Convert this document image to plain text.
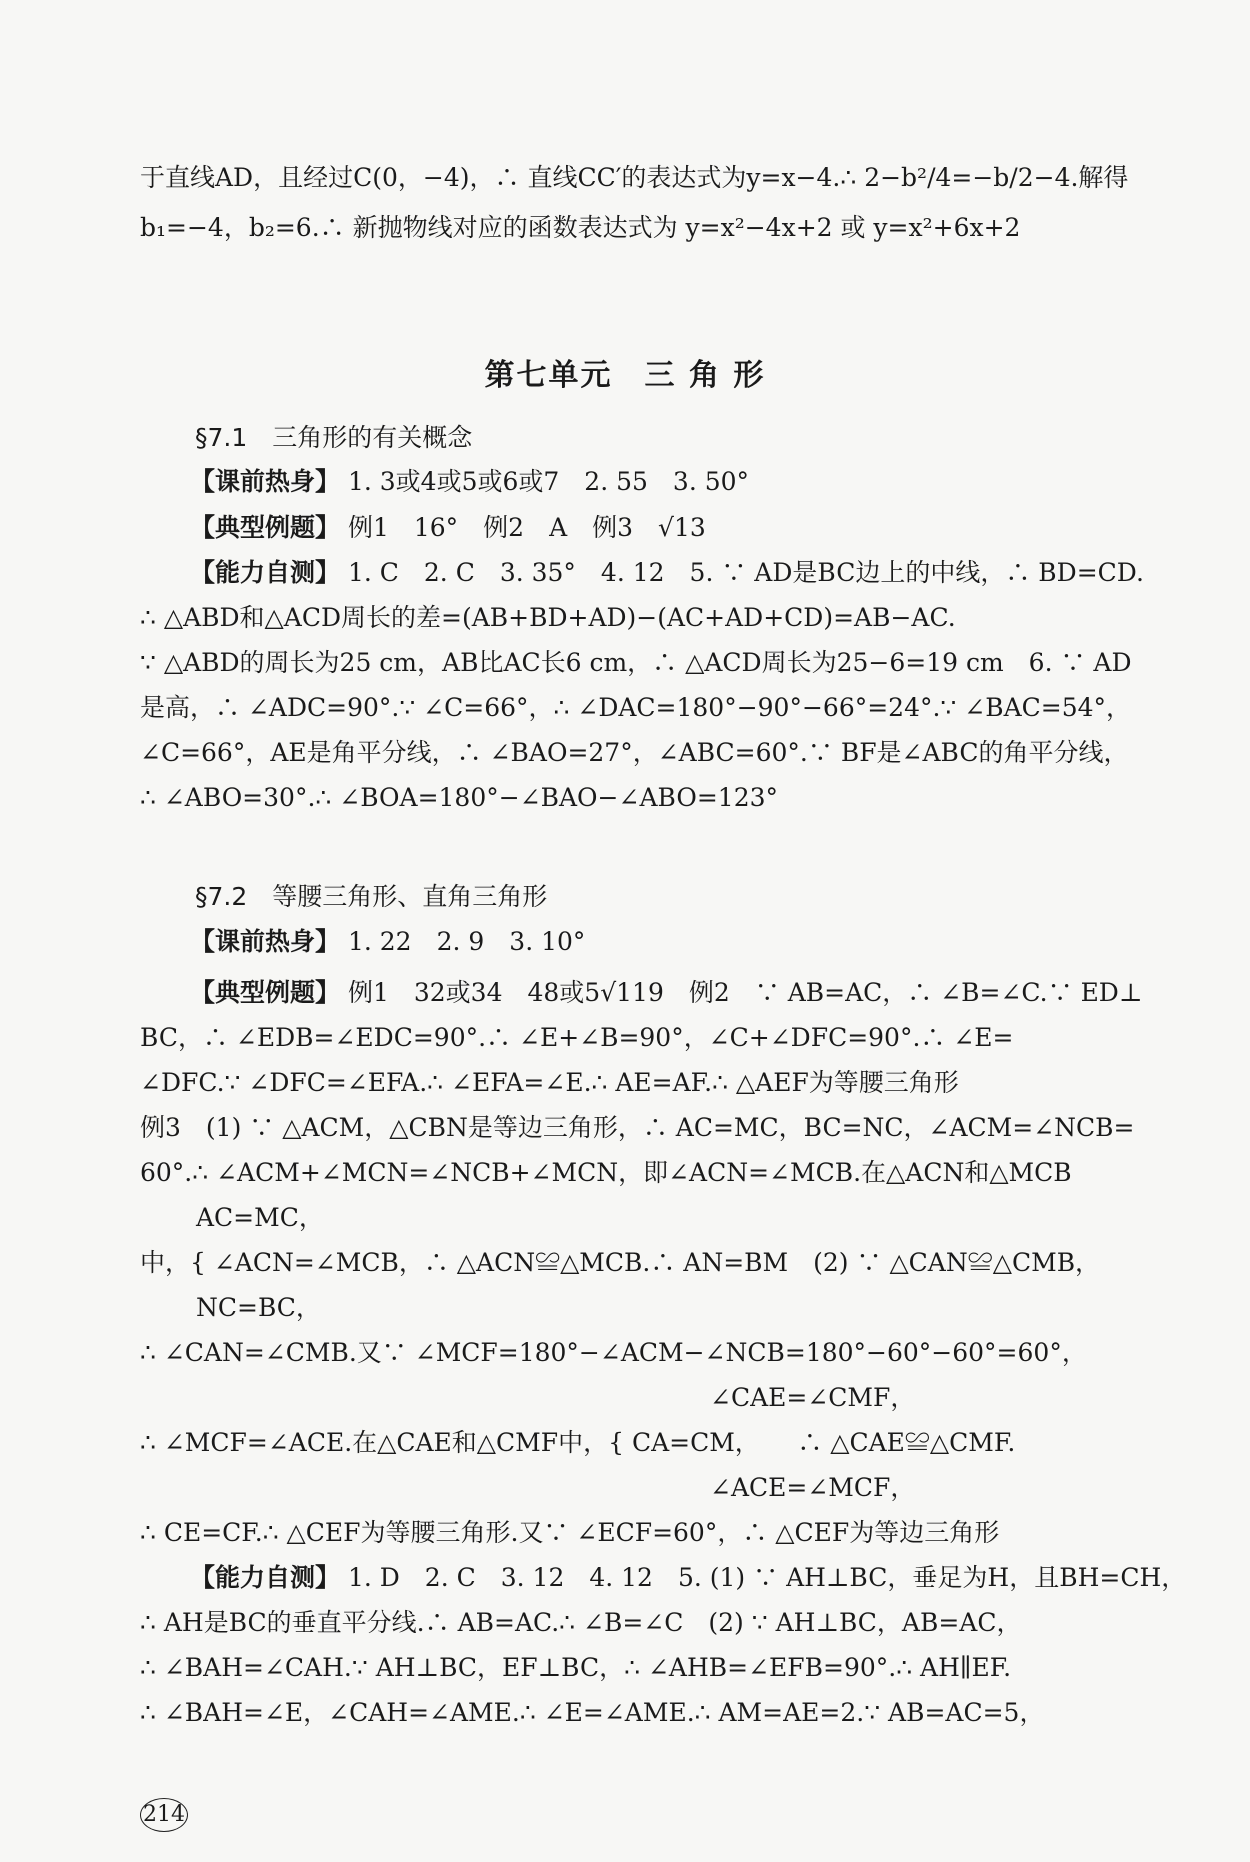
于直线AD，且经过C(0，−4)，∴ 直线CC′的表达式为y=x−4.∴ 2−b²/4=−b/2−4.解得
b₁=−4，b₂=6.∴ 新抛物线对应的函数表达式为 y=x²−4x+2 或 y=x²+6x+2
第七单元　三 角 形
§7.1　三角形的有关概念
【课前热身】 1. 3或4或5或6或7　2. 55　3. 50°
【典型例题】 例1　16°　例2　A　例3　√13
【能力自测】 1. C　2. C　3. 35°　4. 12　5. ∵ AD是BC边上的中线，∴ BD=CD.
∴ △ABD和△ACD周长的差=(AB+BD+AD)−(AC+AD+CD)=AB−AC.
∵ △ABD的周长为25 cm，AB比AC长6 cm，∴ △ACD周长为25−6=19 cm　6. ∵ AD
是高，∴ ∠ADC=90°.∵ ∠C=66°，∴ ∠DAC=180°−90°−66°=24°.∵ ∠BAC=54°，
∠C=66°，AE是角平分线，∴ ∠BAO=27°，∠ABC=60°.∵ BF是∠ABC的角平分线，
∴ ∠ABO=30°.∴ ∠BOA=180°−∠BAO−∠ABO=123°
§7.2　等腰三角形、直角三角形
【课前热身】 1. 22　2. 9　3. 10°
【典型例题】 例1　32或34　48或5√119　例2　∵ AB=AC，∴ ∠B=∠C.∵ ED⊥
BC，∴ ∠EDB=∠EDC=90°.∴ ∠E+∠B=90°，∠C+∠DFC=90°.∴ ∠E=
∠DFC.∵ ∠DFC=∠EFA.∴ ∠EFA=∠E.∴ AE=AF.∴ △AEF为等腰三角形
例3　(1) ∵ △ACM，△CBN是等边三角形，∴ AC=MC，BC=NC，∠ACM=∠NCB=
60°.∴ ∠ACM+∠MCN=∠NCB+∠MCN，即∠ACN=∠MCB.在△ACN和△MCB
AC=MC，
中，{ ∠ACN=∠MCB，∴ △ACN≌△MCB.∴ AN=BM　(2) ∵ △CAN≌△CMB，
NC=BC，
∴ ∠CAN=∠CMB.又∵ ∠MCF=180°−∠ACM−∠NCB=180°−60°−60°=60°，
∠CAE=∠CMF，
∴ ∠MCF=∠ACE.在△CAE和△CMF中，{ CA=CM，　　∴ △CAE≌△CMF.
∠ACE=∠MCF，
∴ CE=CF.∴ △CEF为等腰三角形.又∵ ∠ECF=60°，∴ △CEF为等边三角形
【能力自测】 1. D　2. C　3. 12　4. 12　5. (1) ∵ AH⊥BC，垂足为H，且BH=CH，
∴ AH是BC的垂直平分线.∴ AB=AC.∴ ∠B=∠C　(2) ∵ AH⊥BC，AB=AC，
∴ ∠BAH=∠CAH.∵ AH⊥BC，EF⊥BC，∴ ∠AHB=∠EFB=90°.∴ AH∥EF.
∴ ∠BAH=∠E，∠CAH=∠AME.∴ ∠E=∠AME.∴ AM=AE=2.∵ AB=AC=5，
214
